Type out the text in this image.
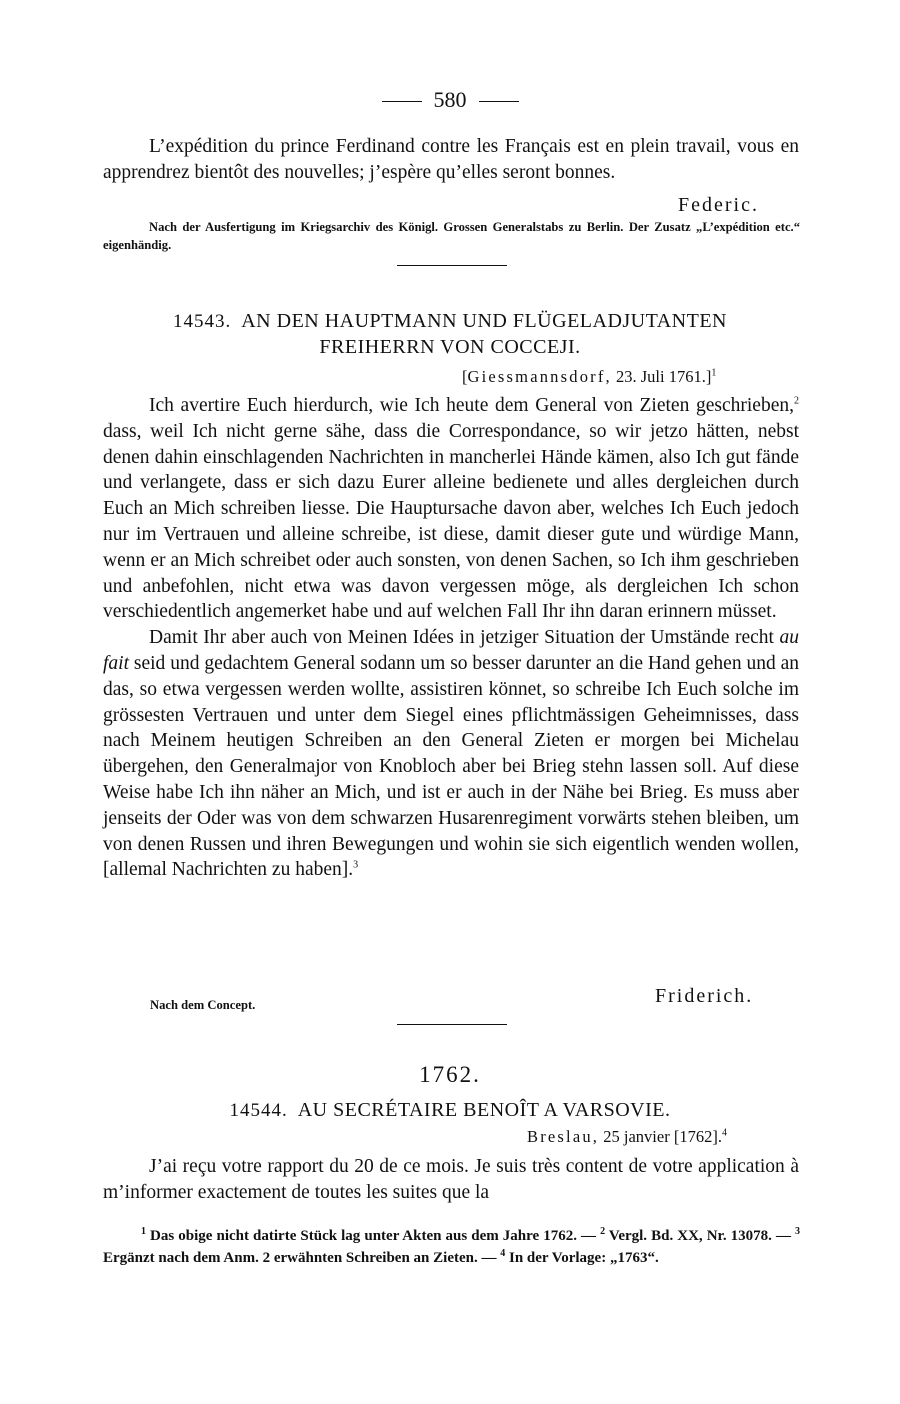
580

L’expédition du prince Ferdinand contre les Français est en plein travail, vous en apprendrez bientôt des nouvelles; j’espère qu’elles seront bonnes.

Federic.
Nach der Ausfertigung im Kriegsarchiv des Königl. Grossen Generalstabs zu Berlin. Der Zusatz „L’expédition etc.“ eigenhändig.
14543. AN DEN HAUPTMANN UND FLÜGELADJUTANTEN
FREIHERRN VON COCCEJI.
[Giessmannsdorf, 23. Juli 1761.]$^1$

Ich avertire Euch hierdurch, wie Ich heute dem General von Zieten geschrieben,$^2$ dass, weil Ich nicht gerne sähe, dass die Correspondance, so wir jetzo hätten, nebst denen dahin einschlagenden Nachrichten in mancherlei Hände kämen, also Ich gut fände und verlangete, dass er sich dazu Eurer alleine bedienete und alles dergleichen durch Euch an Mich schreiben liesse. Die Hauptursache davon aber, welches Ich Euch jedoch nur im Vertrauen und alleine schreibe, ist diese, damit dieser gute und würdige Mann, wenn er an Mich schreibet oder auch sonsten, von denen Sachen, so Ich ihm geschrieben und anbefohlen, nicht etwa was davon vergessen möge, als dergleichen Ich schon verschiedentlich angemerket habe und auf welchen Fall Ihr ihn daran erinnern müsset.

Damit Ihr aber auch von Meinen Idées in jetziger Situation der Umstände recht au fait seid und gedachtem General sodann um so besser darunter an die Hand gehen und an das, so etwa vergessen werden wollte, assistiren könnet, so schreibe Ich Euch solche im grössesten Vertrauen und unter dem Siegel eines pflichtmässigen Geheimnisses, dass nach Meinem heutigen Schreiben an den General Zieten er morgen bei Michelau übergehen, den Generalmajor von Knobloch aber bei Brieg stehn lassen soll. Auf diese Weise habe Ich ihn näher an Mich, und ist er auch in der Nähe bei Brieg. Es muss aber jenseits der Oder was von dem schwarzen Husarenregiment vorwärts stehen bleiben, um von denen Russen und ihren Bewegungen und wohin sie sich eigentlich wenden wollen, [allemal Nachrichten zu haben].$^3$

Nach dem Concept.	Friderich.
1762.
14544. AU SECRÉTAIRE BENOÎT A VARSOVIE.
Breslau, 25 janvier [1762].$^4$

J’ai reçu votre rapport du 20 de ce mois. Je suis très content de votre application à m’informer exactement de toutes les suites que la

$^1$ Das obige nicht datirte Stück lag unter Akten aus dem Jahre 1762. — $^2$ Vergl. Bd. XX, Nr. 13078. — $^3$ Ergänzt nach dem Anm. 2 erwähnten Schreiben an Zieten. — $^4$ In der Vorlage: „1763“.
